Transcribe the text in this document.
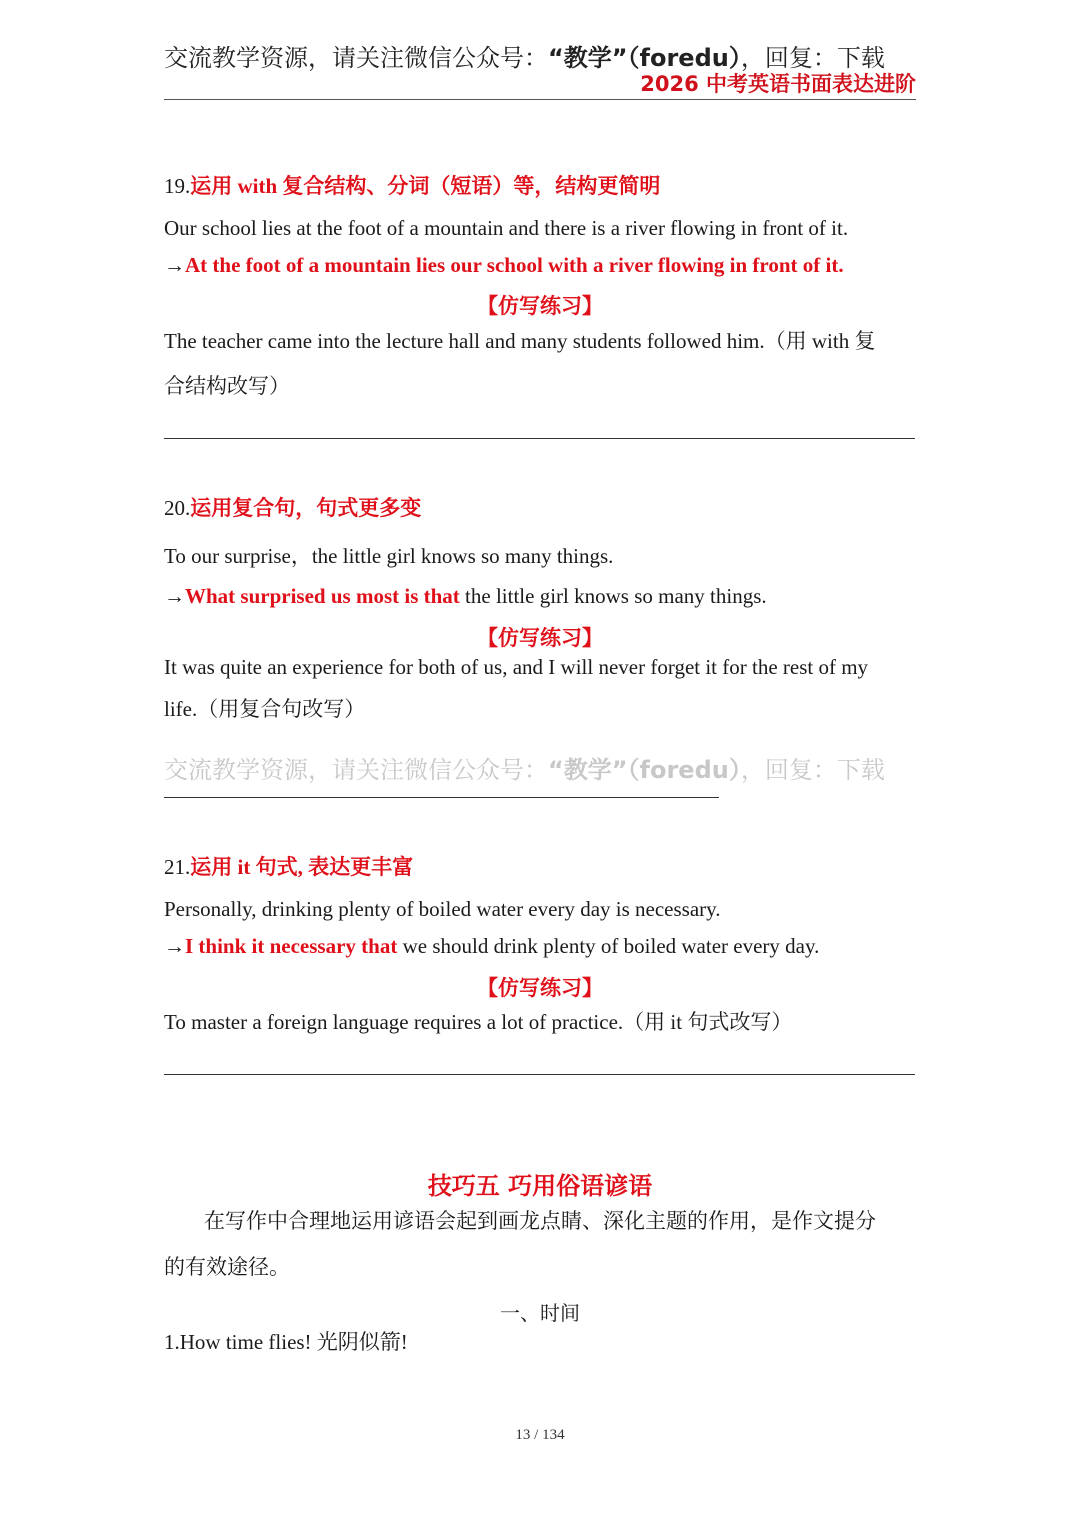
交流教学资源，请关注微信公众号：“教学”（foredu），回复：下载
2026 中考英语书面表达进阶
19.运用 with 复合结构、分词（短语）等，结构更简明
Our school lies at the foot of a mountain and there is a river flowing in front of it.
→At the foot of a mountain lies our school with a river flowing in front of it.
【仿写练习】
The teacher came into the lecture hall and many students followed him.（用 with 复
合结构改写）
20.运用复合句，句式更多变
To our surprise，the little girl knows so many things.
→What surprised us most is that the little girl knows so many things.
【仿写练习】
It was quite an experience for both of us, and I will never forget it for the rest of my
life.（用复合句改写）
交流教学资源，请关注微信公众号：“教学”（foredu），回复：下载
21.运用 it 句式, 表达更丰富
Personally, drinking plenty of boiled water every day is necessary.
→I think it necessary that we should drink plenty of boiled water every day.
【仿写练习】
To master a foreign language requires a lot of practice.（用 it 句式改写）
技巧五 巧用俗语谚语
在写作中合理地运用谚语会起到画龙点睛、深化主题的作用，是作文提分
的有效途径。
一、时间
1.How time flies! 光阴似箭!
13 / 134
